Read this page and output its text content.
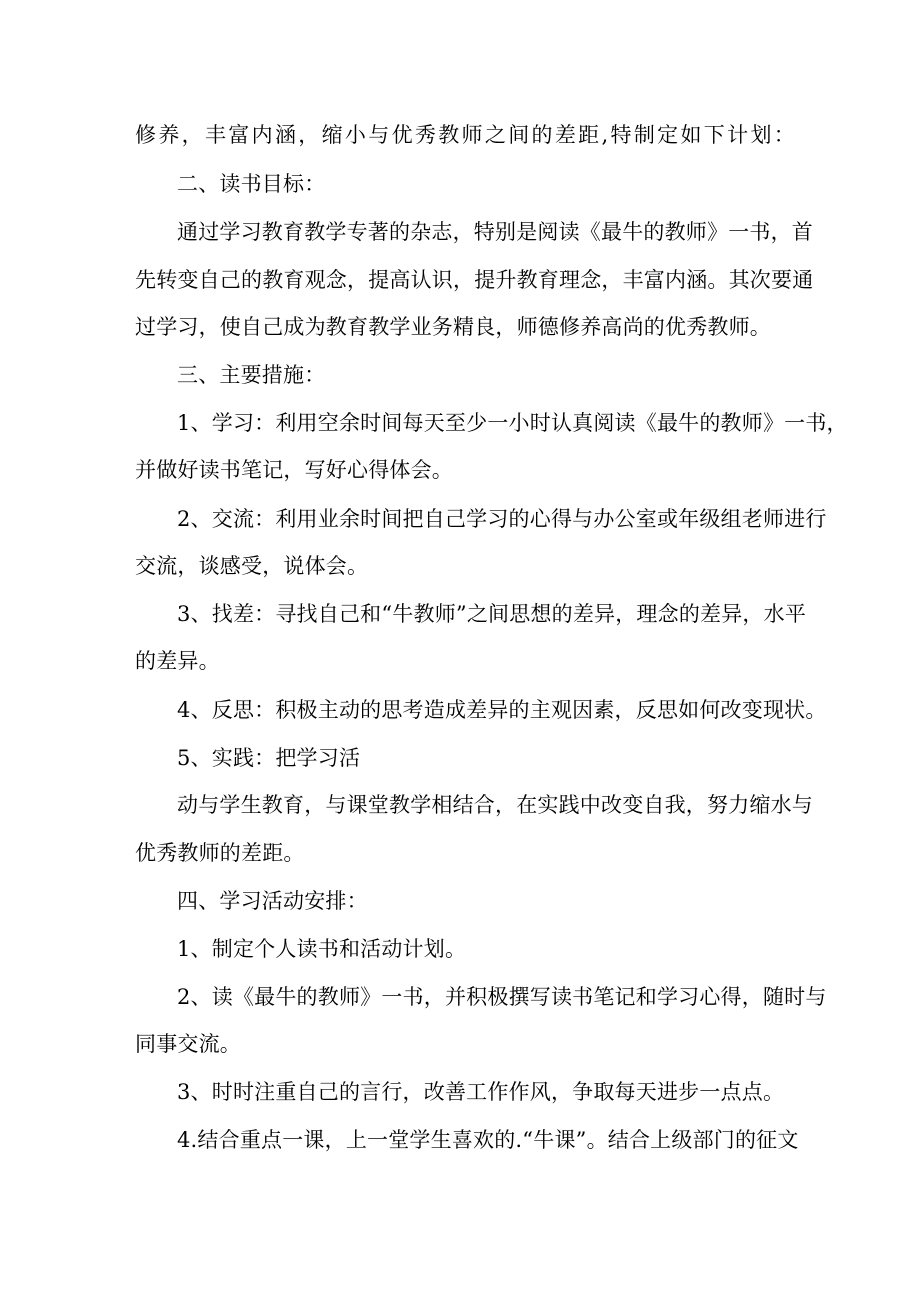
修养，丰富内涵，缩小与优秀教师之间的差距,特制定如下计划：
二、读书目标：
通过学习教育教学专著的杂志，特别是阅读《最牛的教师》一书，首
先转变自己的教育观念，提高认识，提升教育理念，丰富内涵。其次要通
过学习，使自己成为教育教学业务精良，师德修养高尚的优秀教师。
三、主要措施：
1、学习：利用空余时间每天至少一小时认真阅读《最牛的教师》一书，
并做好读书笔记，写好心得体会。
2、交流：利用业余时间把自己学习的心得与办公室或年级组老师进行
交流，谈感受，说体会。
3、找差：寻找自己和“牛教师”之间思想的差异，理念的差异，水平
的差异。
4、反思：积极主动的思考造成差异的主观因素，反思如何改变现状。
5、实践：把学习活
动与学生教育，与课堂教学相结合，在实践中改变自我，努力缩水与
优秀教师的差距。
四、学习活动安排：
1、制定个人读书和活动计划。
2、读《最牛的教师》一书，并积极撰写读书笔记和学习心得，随时与
同事交流。
3、时时注重自己的言行，改善工作作风，争取每天进步一点点。
4.结合重点一课，上一堂学生喜欢的.“牛课”。结合上级部门的征文
